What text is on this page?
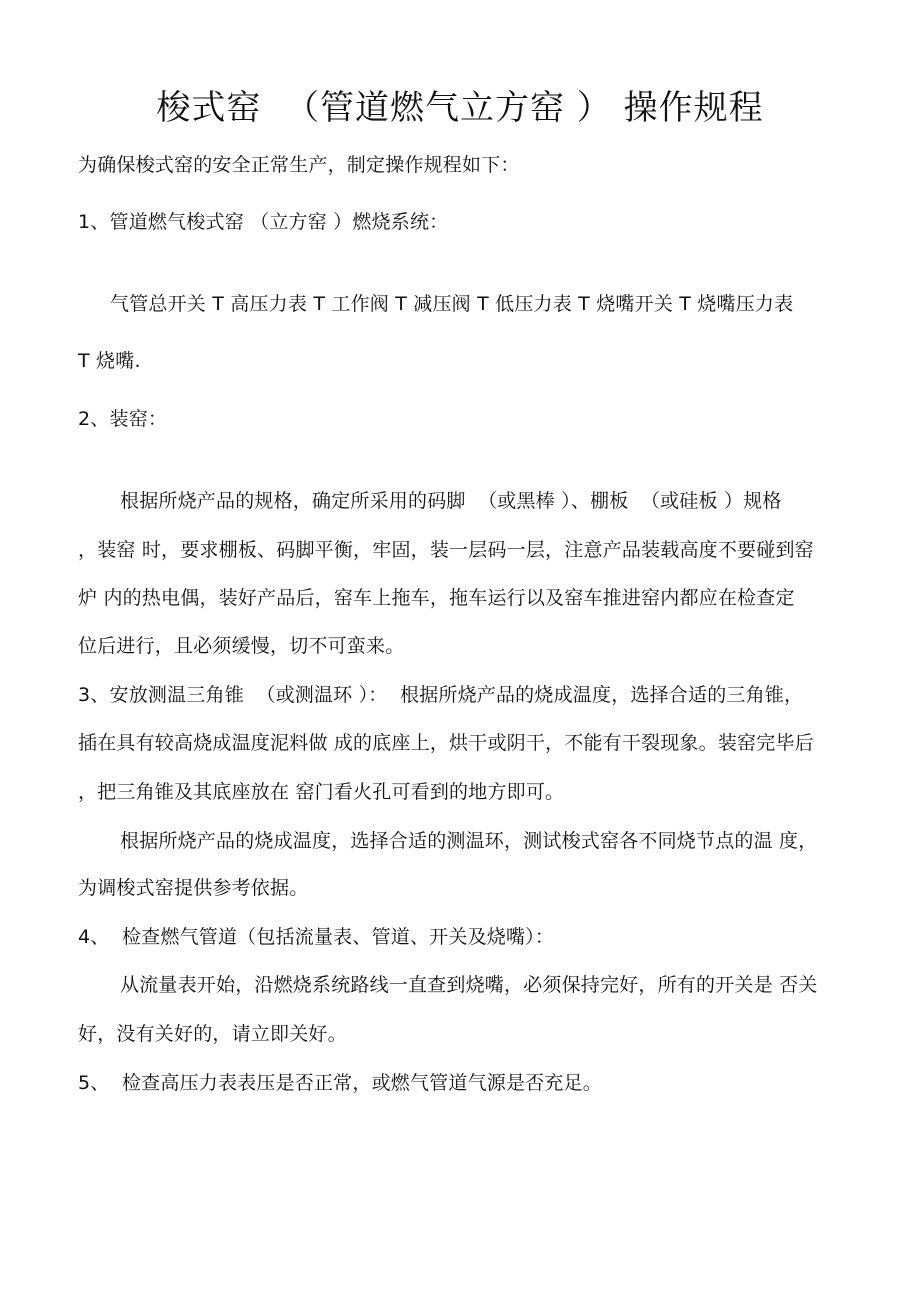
梭式窑  （管道燃气立方窑 ） 操作规程
为确保梭式窑的安全正常生产，制定操作规程如下：
1、管道燃气梭式窑 （立方窑 ）燃烧系统：
气管总开关 T 高压力表 T 工作阀 T 减压阀 T 低压力表 T 烧嘴开关 T 烧嘴压力表
T 烧嘴.
2、装窑：
根据所烧产品的规格，确定所采用的码脚  （或黑棒 ）、棚板  （或硅板 ）规格
，装窑 时，要求棚板、码脚平衡，牢固，装一层码一层，注意产品装载高度不要碰到窑
炉 内的热电偶，装好产品后，窑车上拖车，拖车运行以及窑车推进窑内都应在检查定
位后进行，且必须缓慢，切不可蛮来。
3、安放测温三角锥  （或测温环 ）：  根据所烧产品的烧成温度，选择合适的三角锥，
插在具有较高烧成温度泥料做 成的底座上，烘干或阴干，不能有干裂现象。装窑完毕后
，把三角锥及其底座放在 窑门看火孔可看到的地方即可。
根据所烧产品的烧成温度，选择合适的测温环，测试梭式窑各不同烧节点的温 度，
为调梭式窑提供参考依据。
4、  检查燃气管道（包括流量表、管道、开关及烧嘴）：
从流量表开始，沿燃烧系统路线一直查到烧嘴，必须保持完好，所有的开关是 否关
好，没有关好的，请立即关好。
5、  检查高压力表表压是否正常，或燃气管道气源是否充足。
